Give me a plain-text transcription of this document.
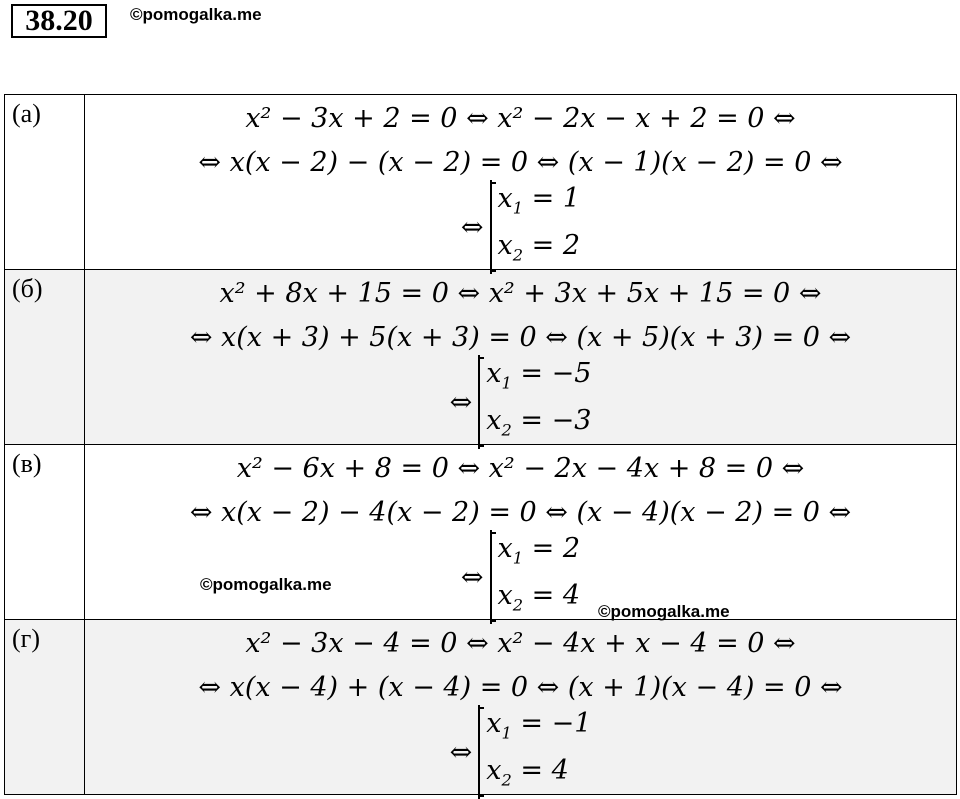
38.20	©pomogalka.me
(а)	x² − 3x + 2 = 0 ⇔ x² − 2x − x + 2 = 0 ⇔
⇔ x(x − 2) − (x − 2) = 0 ⇔ (x − 1)(x − 2) = 0 ⇔
⇔
$x_1 = 1$
$x_2 = 2$

(б)	x² + 8x + 15 = 0 ⇔ x² + 3x + 5x + 15 = 0 ⇔
⇔ x(x + 3) + 5(x + 3) = 0 ⇔ (x + 5)(x + 3) = 0 ⇔
⇔
$x_1 = -5$
$x_2 = -3$

(в)	x² − 6x + 8 = 0 ⇔ x² − 2x − 4x + 8 = 0 ⇔
⇔ x(x − 2) − 4(x − 2) = 0 ⇔ (x − 4)(x − 2) = 0 ⇔
⇔
$x_1 = 2$
$x_2 = 4$

(г)	x² − 3x − 4 = 0 ⇔ x² − 4x + x − 4 = 0 ⇔
⇔ x(x − 4) + (x − 4) = 0 ⇔ (x + 1)(x − 4) = 0 ⇔
⇔
$x_1 = -1$
$x_2 = 4$
©pomogalka.me
©pomogalka.me
